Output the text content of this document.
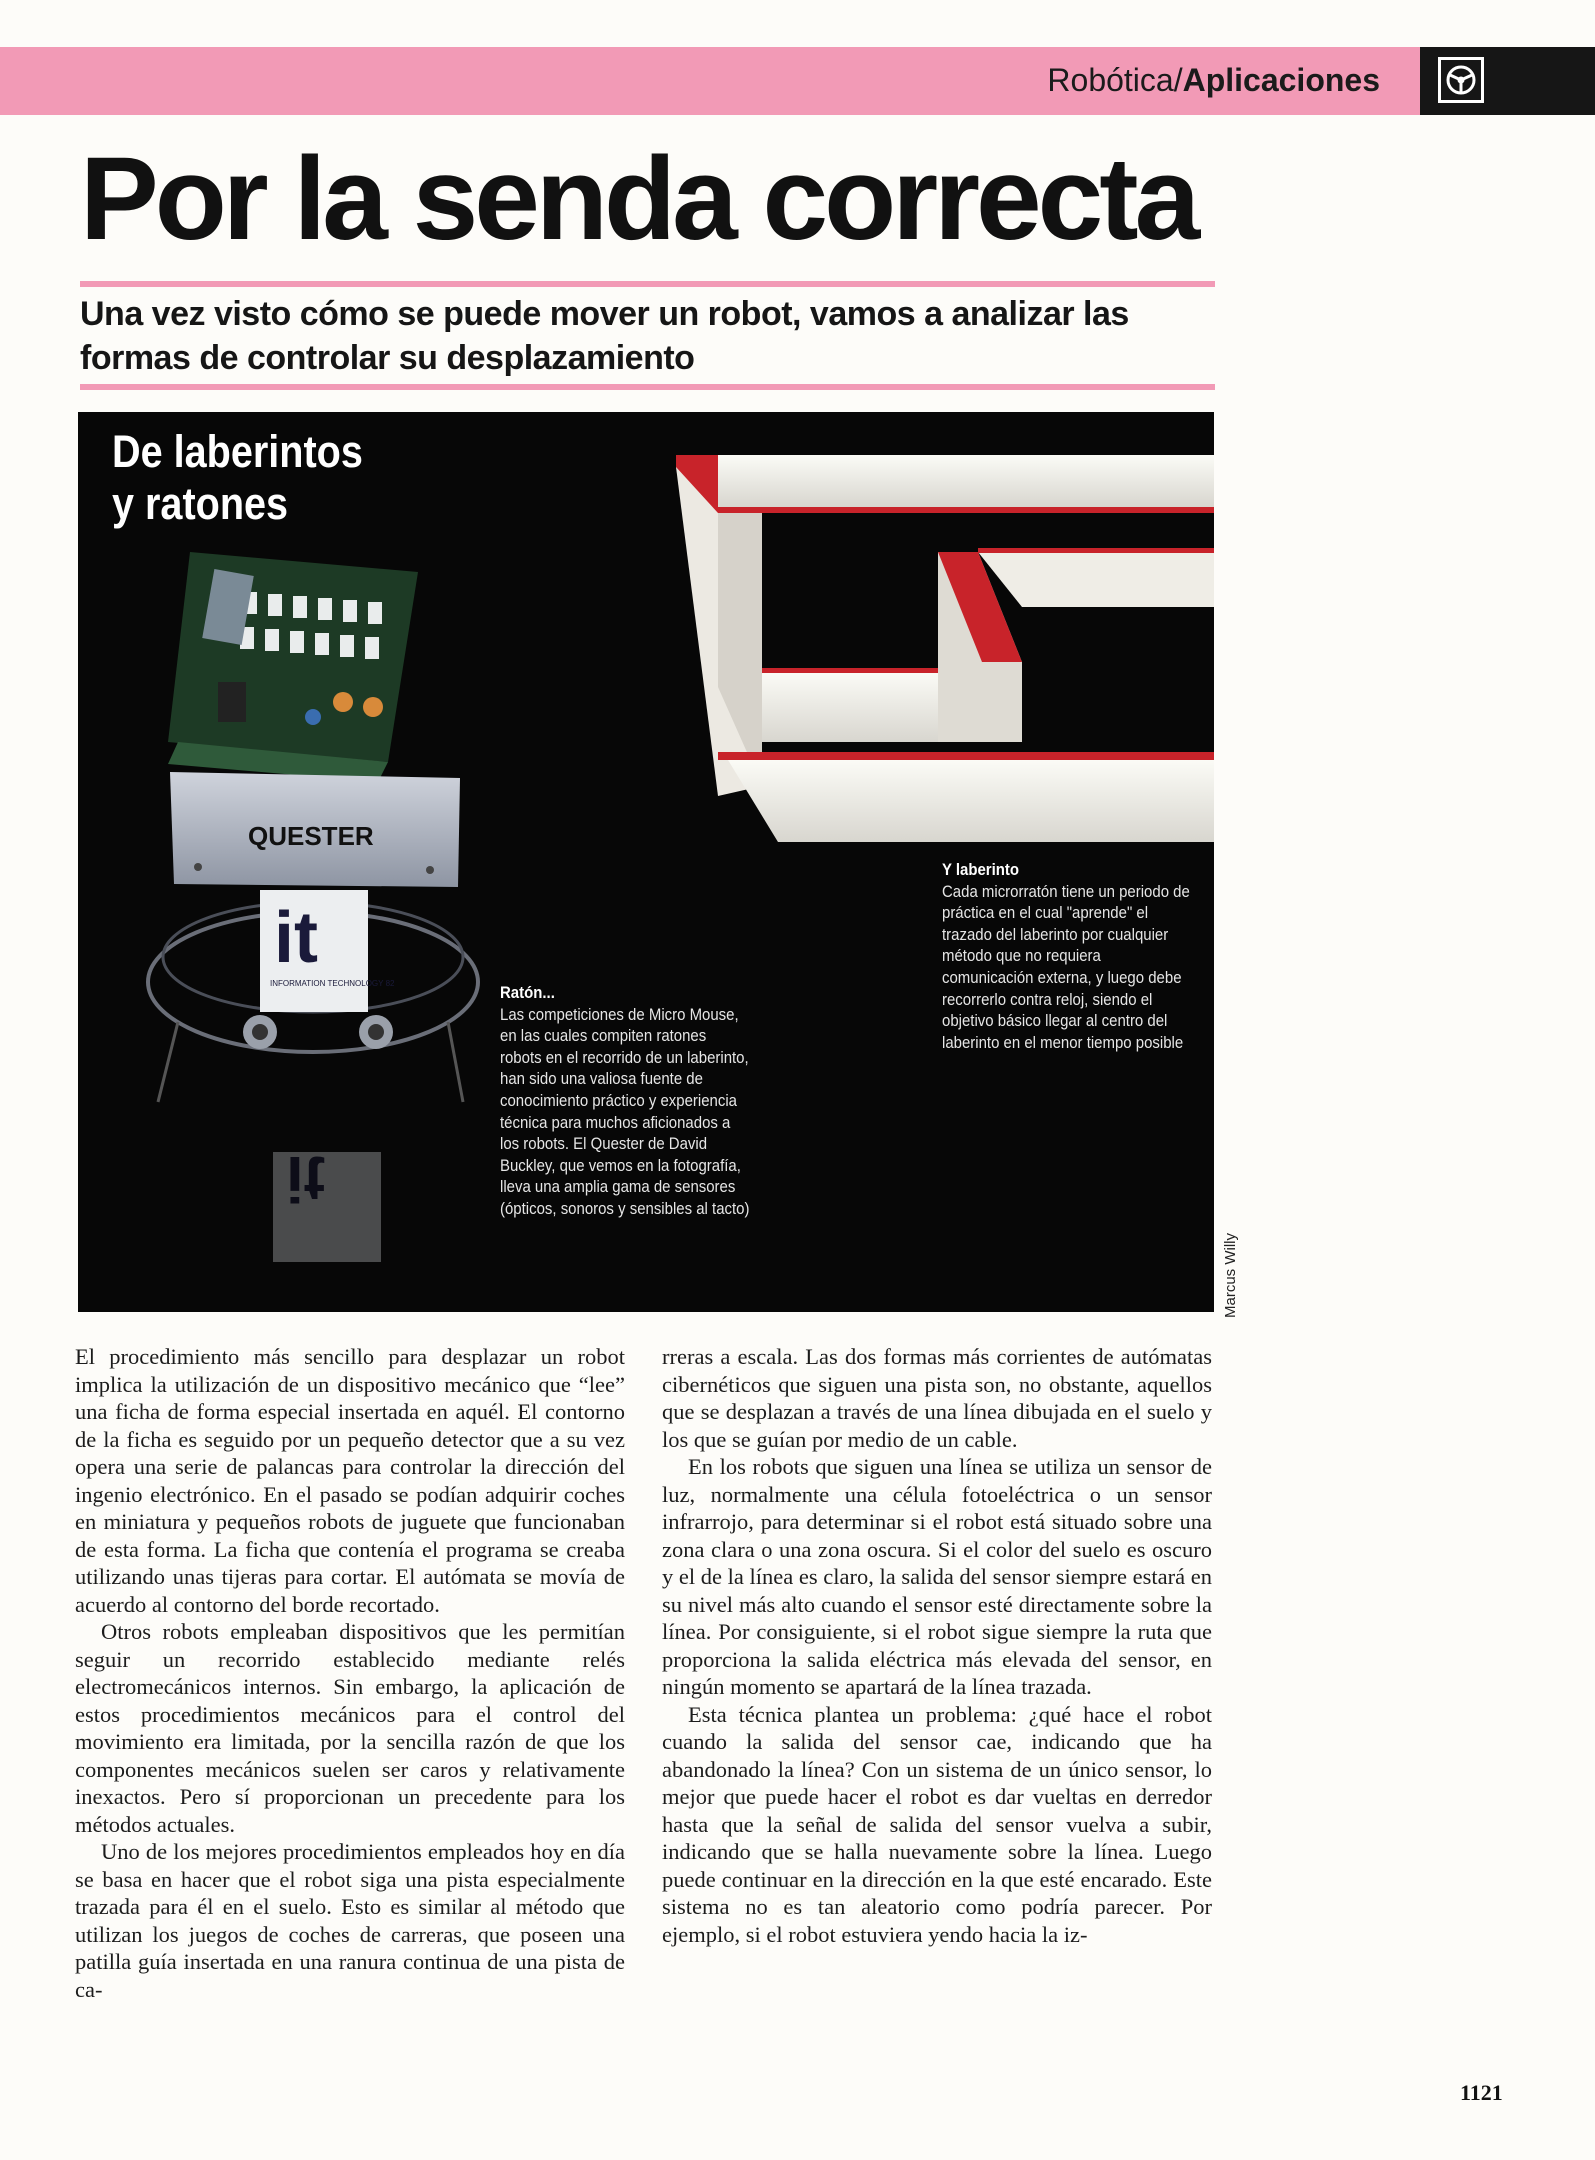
Robótica/Aplicaciones
Por la senda correcta

Una vez visto cómo se puede mover un robot, vamos a analizar las formas de controlar su desplazamiento

QUESTER
it
INFORMATION TECHNOLOGY 82
it
De laberintos
y ratones
Ratón...
Las competiciones de Micro Mouse, en las cuales compiten ratones robots en el recorrido de un laberinto, han sido una valiosa fuente de conocimiento práctico y experiencia técnica para muchos aficionados a los robots. El Quester de David Buckley, que vemos en la fotografía, lleva una amplia gama de sensores (ópticos, sonoros y sensibles al tacto)
Y laberinto
Cada microrratón tiene un periodo de práctica en el cual "aprende" el trazado del laberinto por cualquier método que no requiera comunicación externa, y luego debe recorrerlo contra reloj, siendo el objetivo básico llegar al centro del laberinto en el menor tiempo posible
Marcus Willy

El procedimiento más sencillo para desplazar un robot implica la utilización de un dispositivo mecánico que “lee” una ficha de forma especial insertada en aquél. El contorno de la ficha es seguido por un pequeño detector que a su vez opera una serie de palancas para controlar la dirección del ingenio electrónico. En el pasado se podían adquirir coches en miniatura y pequeños robots de juguete que funcionaban de esta forma. La ficha que contenía el programa se creaba utilizando unas tijeras para cortar. El autómata se movía de acuerdo al contorno del borde recortado.

Otros robots empleaban dispositivos que les permitían seguir un recorrido establecido mediante relés electromecánicos internos. Sin embargo, la aplicación de estos procedimientos mecánicos para el control del movimiento era limitada, por la sencilla razón de que los componentes mecánicos suelen ser caros y relativamente inexactos. Pero sí proporcionan un precedente para los métodos actuales.

Uno de los mejores procedimientos empleados hoy en día se basa en hacer que el robot siga una pista especialmente trazada para él en el suelo. Esto es similar al método que utilizan los juegos de coches de carreras, que poseen una patilla guía insertada en una ranura continua de una pista de ca-

rreras a escala. Las dos formas más corrientes de autómatas cibernéticos que siguen una pista son, no obstante, aquellos que se desplazan a través de una línea dibujada en el suelo y los que se guían por medio de un cable.

En los robots que siguen una línea se utiliza un sensor de luz, normalmente una célula fotoeléctrica o un sensor infrarrojo, para determinar si el robot está situado sobre una zona clara o una zona oscura. Si el color del suelo es oscuro y el de la línea es claro, la salida del sensor siempre estará en su nivel más alto cuando el sensor esté directamente sobre la línea. Por consiguiente, si el robot sigue siempre la ruta que proporciona la salida eléctrica más elevada del sensor, en ningún momento se apartará de la línea trazada.

Esta técnica plantea un problema: ¿qué hace el robot cuando la salida del sensor cae, indicando que ha abandonado la línea? Con un sistema de un único sensor, lo mejor que puede hacer el robot es dar vueltas en derredor hasta que la señal de salida del sensor vuelva a subir, indicando que se halla nuevamente sobre la línea. Luego puede continuar en la dirección en la que esté encarado. Este sistema no es tan aleatorio como podría parecer. Por ejemplo, si el robot estuviera yendo hacia la iz-

1121
